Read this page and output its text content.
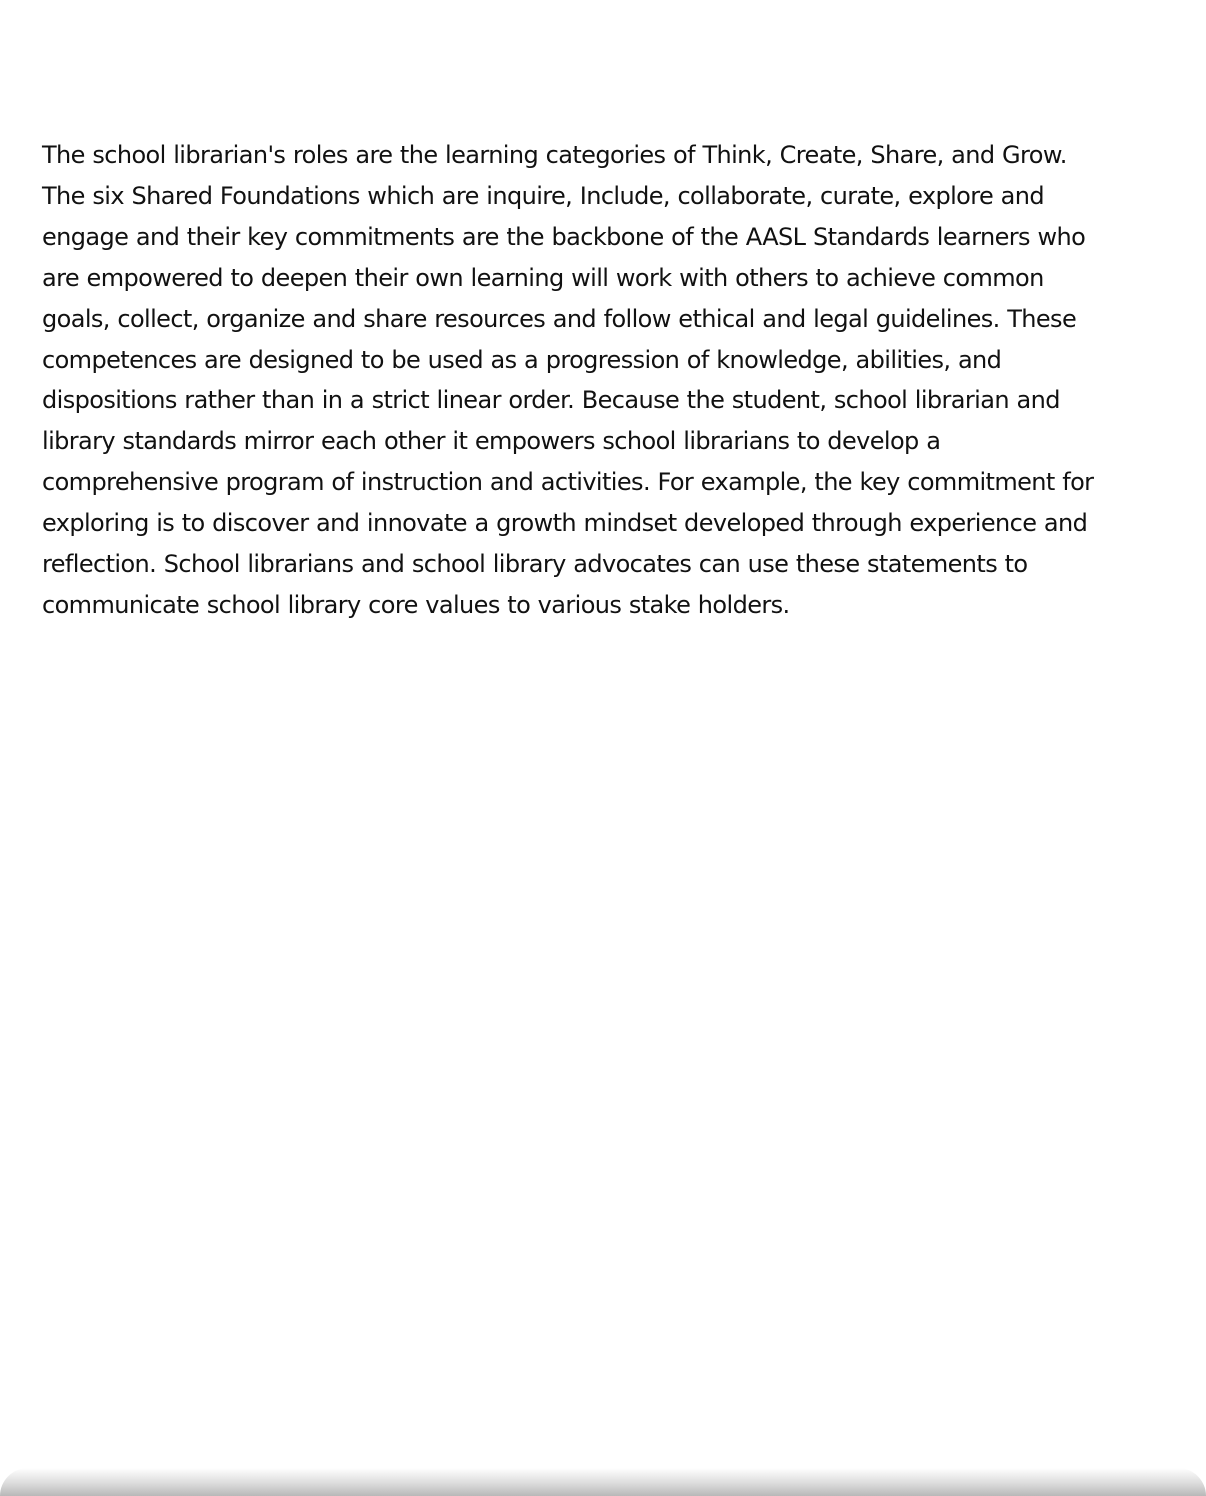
The school librarian's roles are the learning categories of Think, Create, Share, and Grow.
The six Shared Foundations which are inquire, Include, collaborate, curate, explore and
engage and their key commitments are the backbone of the AASL Standards learners who
are empowered to deepen their own learning will work with others to achieve common
goals, collect, organize and share resources and follow ethical and legal guidelines. These
competences are designed to be used as a progression of knowledge, abilities, and
dispositions rather than in a strict linear order. Because the student, school librarian and
library standards mirror each other it empowers school librarians to develop a
comprehensive program of instruction and activities. For example, the key commitment for
exploring is to discover and innovate a growth mindset developed through experience and
reflection. School librarians and school library advocates can use these statements to
communicate school library core values to various stake holders.
